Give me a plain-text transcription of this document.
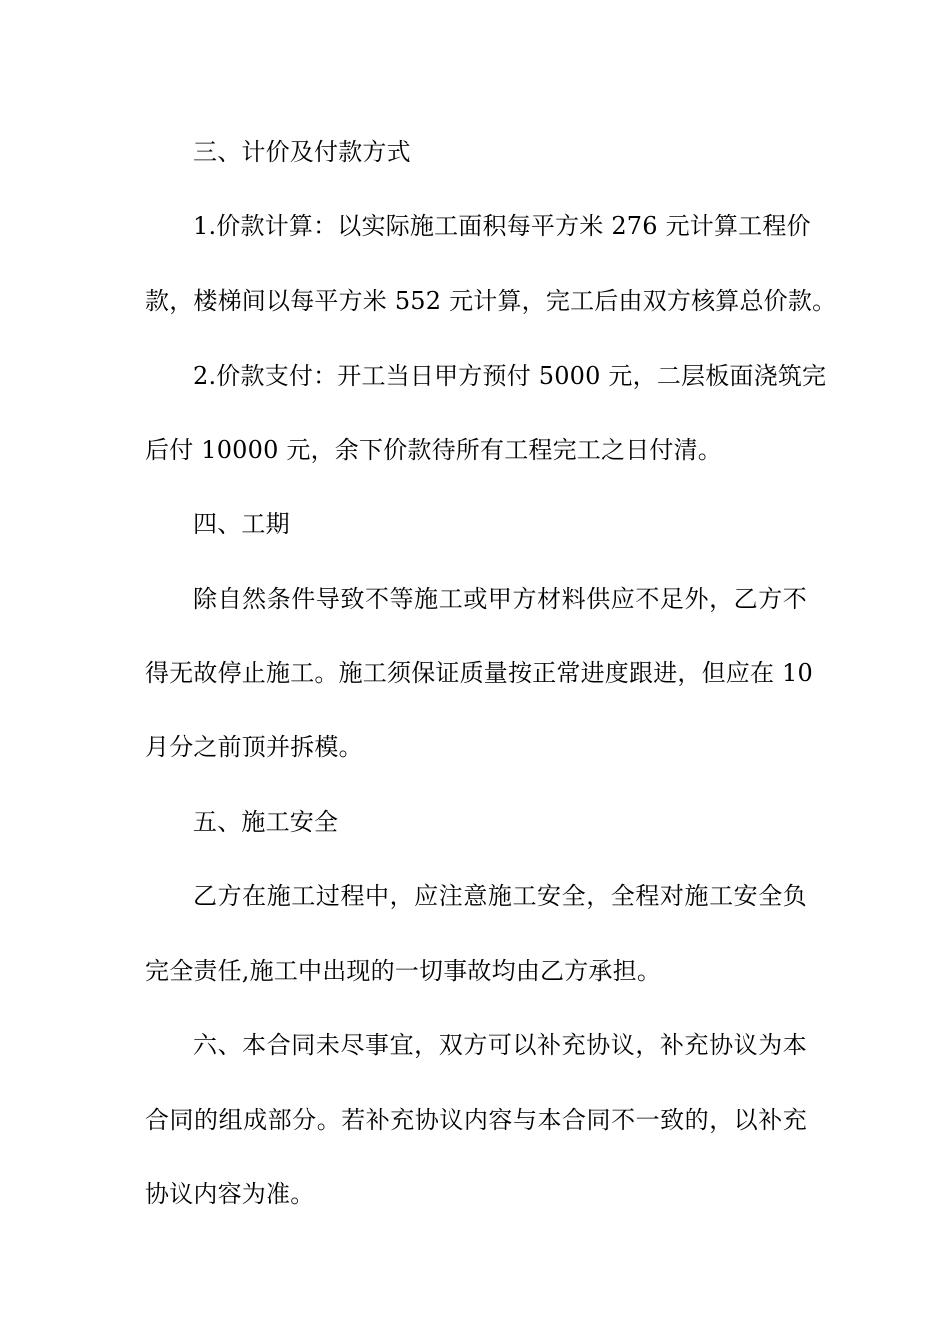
三、计价及付款方式
1.价款计算：以实际施工面积每平方米 276 元计算工程价
款，楼梯间以每平方米 552 元计算，完工后由双方核算总价款。
2.价款支付：开工当日甲方预付 5000 元，二层板面浇筑完
后付 10000 元，余下价款待所有工程完工之日付清。
四、工期
除自然条件导致不等施工或甲方材料供应不足外，乙方不
得无故停止施工。施工须保证质量按正常进度跟进，但应在 10
月分之前顶并拆模。
五、施工安全
乙方在施工过程中，应注意施工安全，全程对施工安全负
完全责任,施工中出现的一切事故均由乙方承担。
六、本合同未尽事宜，双方可以补充协议，补充协议为本
合同的组成部分。若补充协议内容与本合同不一致的，以补充
协议内容为准。
